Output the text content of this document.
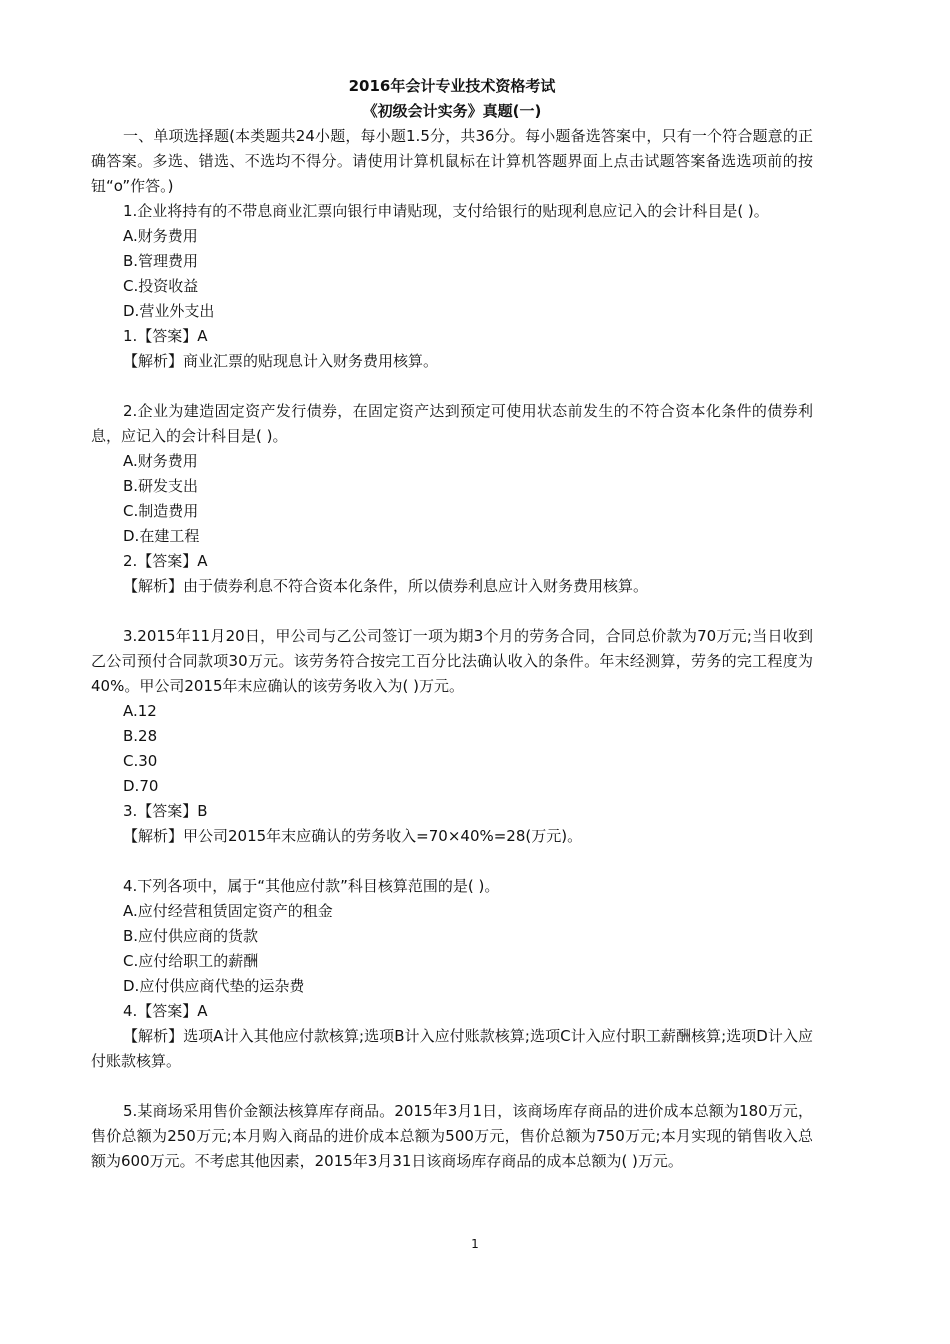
2016年会计专业技术资格考试

《初级会计实务》真题(一)

一、单项选择题(本类题共24小题，每小题1.5分，共36分。每小题备选答案中，只有一个符合题意的正确答案。多选、错选、不选均不得分。请使用计算机鼠标在计算机答题界面上点击试题答案备选选项前的按钮“o”作答。)

1.企业将持有的不带息商业汇票向银行申请贴现，支付给银行的贴现利息应记入的会计科目是( )。

A.财务费用

B.管理费用

C.投资收益

D.营业外支出

1.【答案】A

【解析】商业汇票的贴现息计入财务费用核算。

2.企业为建造固定资产发行债券，在固定资产达到预定可使用状态前发生的不符合资本化条件的债券利息，应记入的会计科目是( )。

A.财务费用

B.研发支出

C.制造费用

D.在建工程

2.【答案】A

【解析】由于债券利息不符合资本化条件，所以债券利息应计入财务费用核算。

3.2015年11月20日，甲公司与乙公司签订一项为期3个月的劳务合同，合同总价款为70万元;当日收到乙公司预付合同款项30万元。该劳务符合按完工百分比法确认收入的条件。年末经测算，劳务的完工程度为40%。甲公司2015年末应确认的该劳务收入为( )万元。

A.12

B.28

C.30

D.70

3.【答案】B

【解析】甲公司2015年末应确认的劳务收入=70×40%=28(万元)。

4.下列各项中，属于“其他应付款”科目核算范围的是( )。

A.应付经营租赁固定资产的租金

B.应付供应商的货款

C.应付给职工的薪酬

D.应付供应商代垫的运杂费

4.【答案】A

【解析】选项A计入其他应付款核算;选项B计入应付账款核算;选项C计入应付职工薪酬核算;选项D计入应付账款核算。

5.某商场采用售价金额法核算库存商品。2015年3月1日，该商场库存商品的进价成本总额为180万元，售价总额为250万元;本月购入商品的进价成本总额为500万元，售价总额为750万元;本月实现的销售收入总额为600万元。不考虑其他因素，2015年3月31日该商场库存商品的成本总额为( )万元。

1
